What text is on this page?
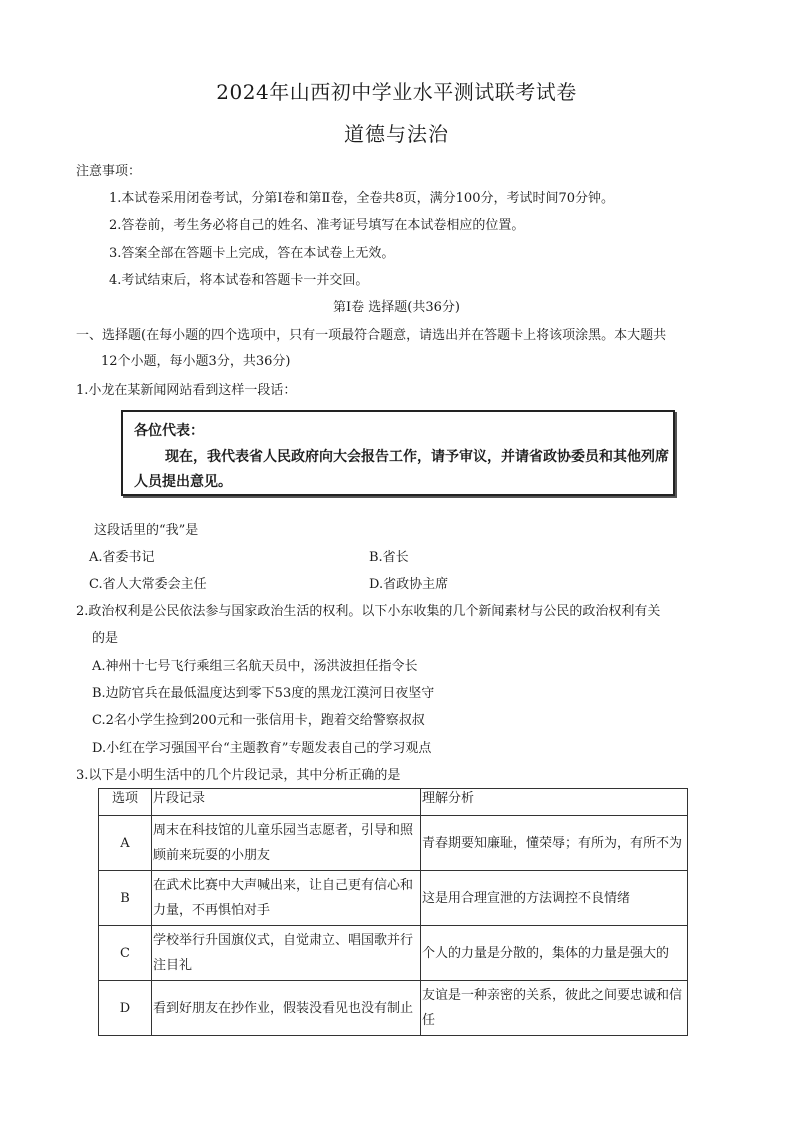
2024年山西初中学业水平测试联考试卷
道德与法治
注意事项：
1.本试卷采用闭卷考试，分第Ⅰ卷和第Ⅱ卷，全卷共8页，满分100分，考试时间70分钟。
2.答卷前，考生务必将自己的姓名、准考证号填写在本试卷相应的位置。
3.答案全部在答题卡上完成，答在本试卷上无效。
4.考试结束后，将本试卷和答题卡一并交回。
第Ⅰ卷 选择题(共36分)
一、选择题(在每小题的四个选项中，只有一项最符合题意，请选出并在答题卡上将该项涂黑。本大题共
12个小题，每小题3分，共36分)
1.小龙在某新闻网站看到这样一段话：
各位代表：
现在，我代表省人民政府向大会报告工作，请予审议，并请省政协委员和其他列席人员提出意见。
这段话里的“我”是
A.省委书记	B.省长
C.省人大常委会主任	D.省政协主席
2.政治权利是公民依法参与国家政治生活的权利。以下小东收集的几个新闻素材与公民的政治权利有关
的是
A.神州十七号飞行乘组三名航天员中，汤洪波担任指令长
B.边防官兵在最低温度达到零下53度的黑龙江漠河日夜坚守
C.2名小学生捡到200元和一张信用卡，跑着交给警察叔叔
D.小红在学习强国平台“主题教育”专题发表自己的学习观点
3.以下是小明生活中的几个片段记录，其中分析正确的是
选项	片段记录	理解分析
A	周末在科技馆的儿童乐园当志愿者，引导和照顾前来玩耍的小朋友	青春期要知廉耻，懂荣辱；有所为，有所不为
B	在武术比赛中大声喊出来，让自己更有信心和力量，不再惧怕对手	这是用合理宣泄的方法调控不良情绪
C	学校举行升国旗仪式，自觉肃立、唱国歌并行注目礼	个人的力量是分散的，集体的力量是强大的
D	看到好朋友在抄作业，假装没看见也没有制止	友谊是一种亲密的关系，彼此之间要忠诚和信任
